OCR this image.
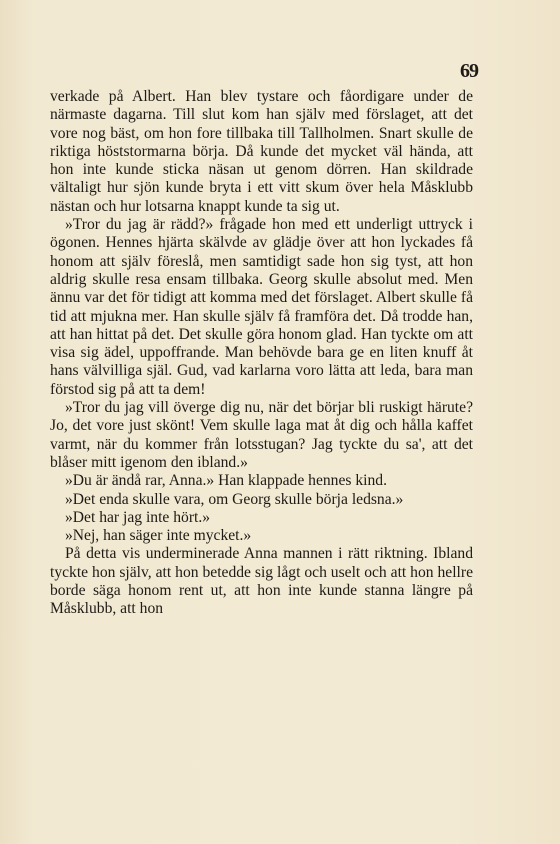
69

verkade på Albert. Han blev tystare och fåordigare under de närmaste dagarna. Till slut kom han själv med förslaget, att det vore nog bäst, om hon fore tillbaka till Tallholmen. Snart skulle de riktiga höststormarna börja. Då kunde det mycket väl hända, att hon inte kunde sticka näsan ut genom dörren. Han skildrade vältaligt hur sjön kunde bryta i ett vitt skum över hela Måsklubb nästan och hur lotsarna knappt kunde ta sig ut.

»Tror du jag är rädd?» frågade hon med ett underligt uttryck i ögonen. Hennes hjärta skälvde av glädje över att hon lyckades få honom att själv föreslå, men samtidigt sade hon sig tyst, att hon aldrig skulle resa ensam tillbaka. Georg skulle absolut med. Men ännu var det för tidigt att komma med det förslaget. Albert skulle få tid att mjukna mer. Han skulle själv få framföra det. Då trodde han, att han hittat på det. Det skulle göra honom glad. Han tyckte om att visa sig ädel, uppoffrande. Man behövde bara ge en liten knuff åt hans välvilliga själ. Gud, vad karlarna voro lätta att leda, bara man förstod sig på att ta dem!

»Tror du jag vill överge dig nu, när det börjar bli ruskigt härute? Jo, det vore just skönt! Vem skulle laga mat åt dig och hålla kaffet varmt, när du kommer från lotsstugan? Jag tyckte du sa', att det blåser mitt igenom den ibland.»

»Du är ändå rar, Anna.» Han klappade hennes kind.

»Det enda skulle vara, om Georg skulle börja ledsna.»

»Det har jag inte hört.»

»Nej, han säger inte mycket.»

På detta vis underminerade Anna mannen i rätt riktning. Ibland tyckte hon själv, att hon betedde sig lågt och uselt och att hon hellre borde säga honom rent ut, att hon inte kunde stanna längre på Måsklubb, att hon
